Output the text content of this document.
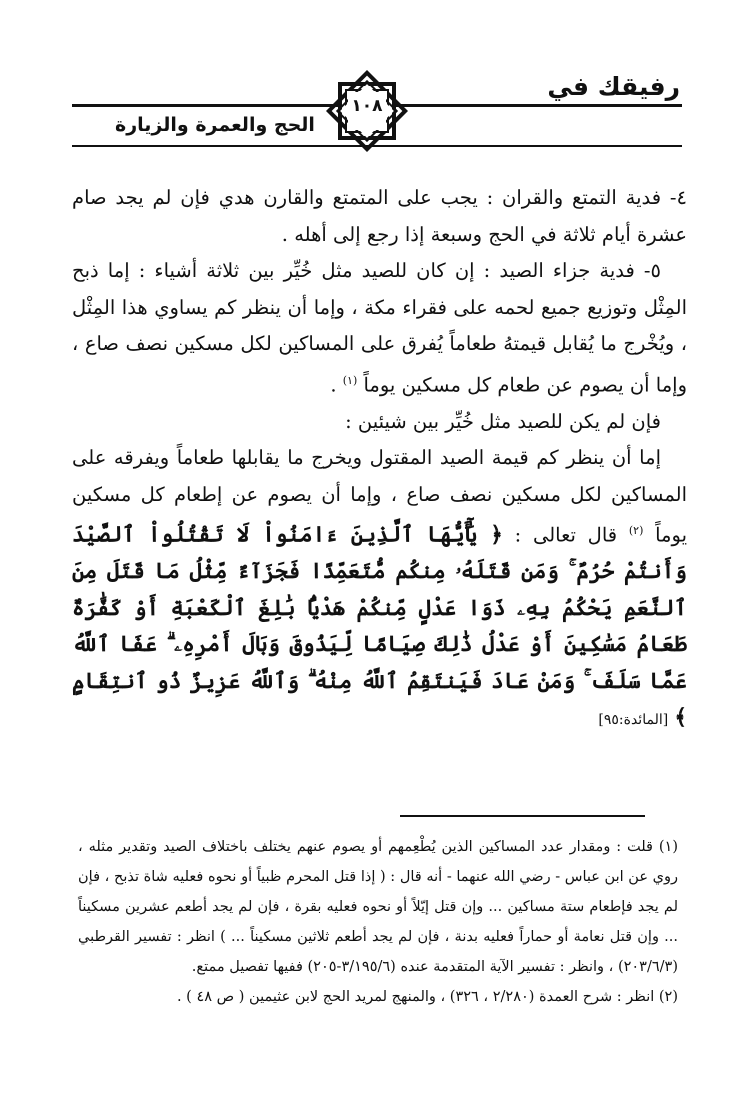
رفيقك في
الحج والعمرة والزيارة
١٠٨

٤- فدية التمتع والقران : يجب على المتمتع والقارن هدي فإن لم يجد صام عشرة أيام ثلاثة في الحج وسبعة إذا رجع إلى أهله .

٥- فدية جزاء الصيد : إن كان للصيد مثل خُيِّر بين ثلاثة أشياء : إما ذبح المِثْل وتوزيع جميع لحمه على فقراء مكة ، وإما أن ينظر كم يساوي هذا المِثْل ، ويُخْرج ما يُقابل قيمتهُ طعاماً يُفرق على المساكين لكل مسكين نصف صاع ، وإما أن يصوم عن طعام كل مسكين يوماً $^{(١)}$ .

فإن لم يكن للصيد مثل خُيِّر بين شيئين :

إما أن ينظر كم قيمة الصيد المقتول ويخرج ما يقابلها طعاماً ويفرقه على المساكين لكل مسكين نصف صاع ، وإما أن يصوم عن إطعام كل مسكين يوماً $^{(٢)}$ قال تعالى : ﴿ يَٰٓأَيُّهَا ٱلَّذِينَ ءَامَنُواْ لَا تَقْتُلُواْ ٱلصَّيْدَ وَأَنتُمْ حُرُمٌ ۚ وَمَن قَتَلَهُۥ مِنكُم مُّتَعَمِّدًا فَجَزَآءٌ مِّثْلُ مَا قَتَلَ مِنَ ٱلنَّعَمِ يَحْكُمُ بِهِۦ ذَوَا عَدْلٍ مِّنكُمْ هَدْيًۢا بَٰلِغَ ٱلْكَعْبَةِ أَوْ كَفَّٰرَةٌ طَعَامُ مَسَٰكِينَ أَوْ عَدْلُ ذَٰلِكَ صِيَامًا لِّيَذُوقَ وَبَالَ أَمْرِهِۦ ۗ عَفَا ٱللَّهُ عَمَّا سَلَفَ ۚ وَمَنْ عَادَ فَيَنتَقِمُ ٱللَّهُ مِنْهُ ۗ وَٱللَّهُ عَزِيزٌ ذُو ٱنتِقَامٍ ﴾ [المائدة:٩٥]

(١) قلت : ومقدار عدد المساكين الذين يُطْعِمهم أو يصوم عنهم يختلف باختلاف الصيد وتقدير مثله ، روي عن ابن عباس - رضي الله عنهما - أنه قال : ( إذا قتل المحرم ظبياً أو نحوه فعليه شاة تذبح ، فإن لم يجد فإطعام ستة مساكين ... وإن قتل إيّلاً أو نحوه فعليه بقرة ، فإن لم يجد أطعم عشرين مسكيناً ... وإن قتل نعامة أو حماراً فعليه بدنة ، فإن لم يجد أطعم ثلاثين مسكيناً ... ) انظر : تفسير القرطبي (٢٠٣/٦/٣) ، وانظر : تفسير الآية المتقدمة عنده (٣/١٩٥/٦-٢٠٥) ففيها تفصيل ممتع.

(٢) انظر : شرح العمدة (٢/٢٨٠ ، ٣٢٦) ، والمنهج لمريد الحج لابن عثيمين ( ص ٤٨ ) .
